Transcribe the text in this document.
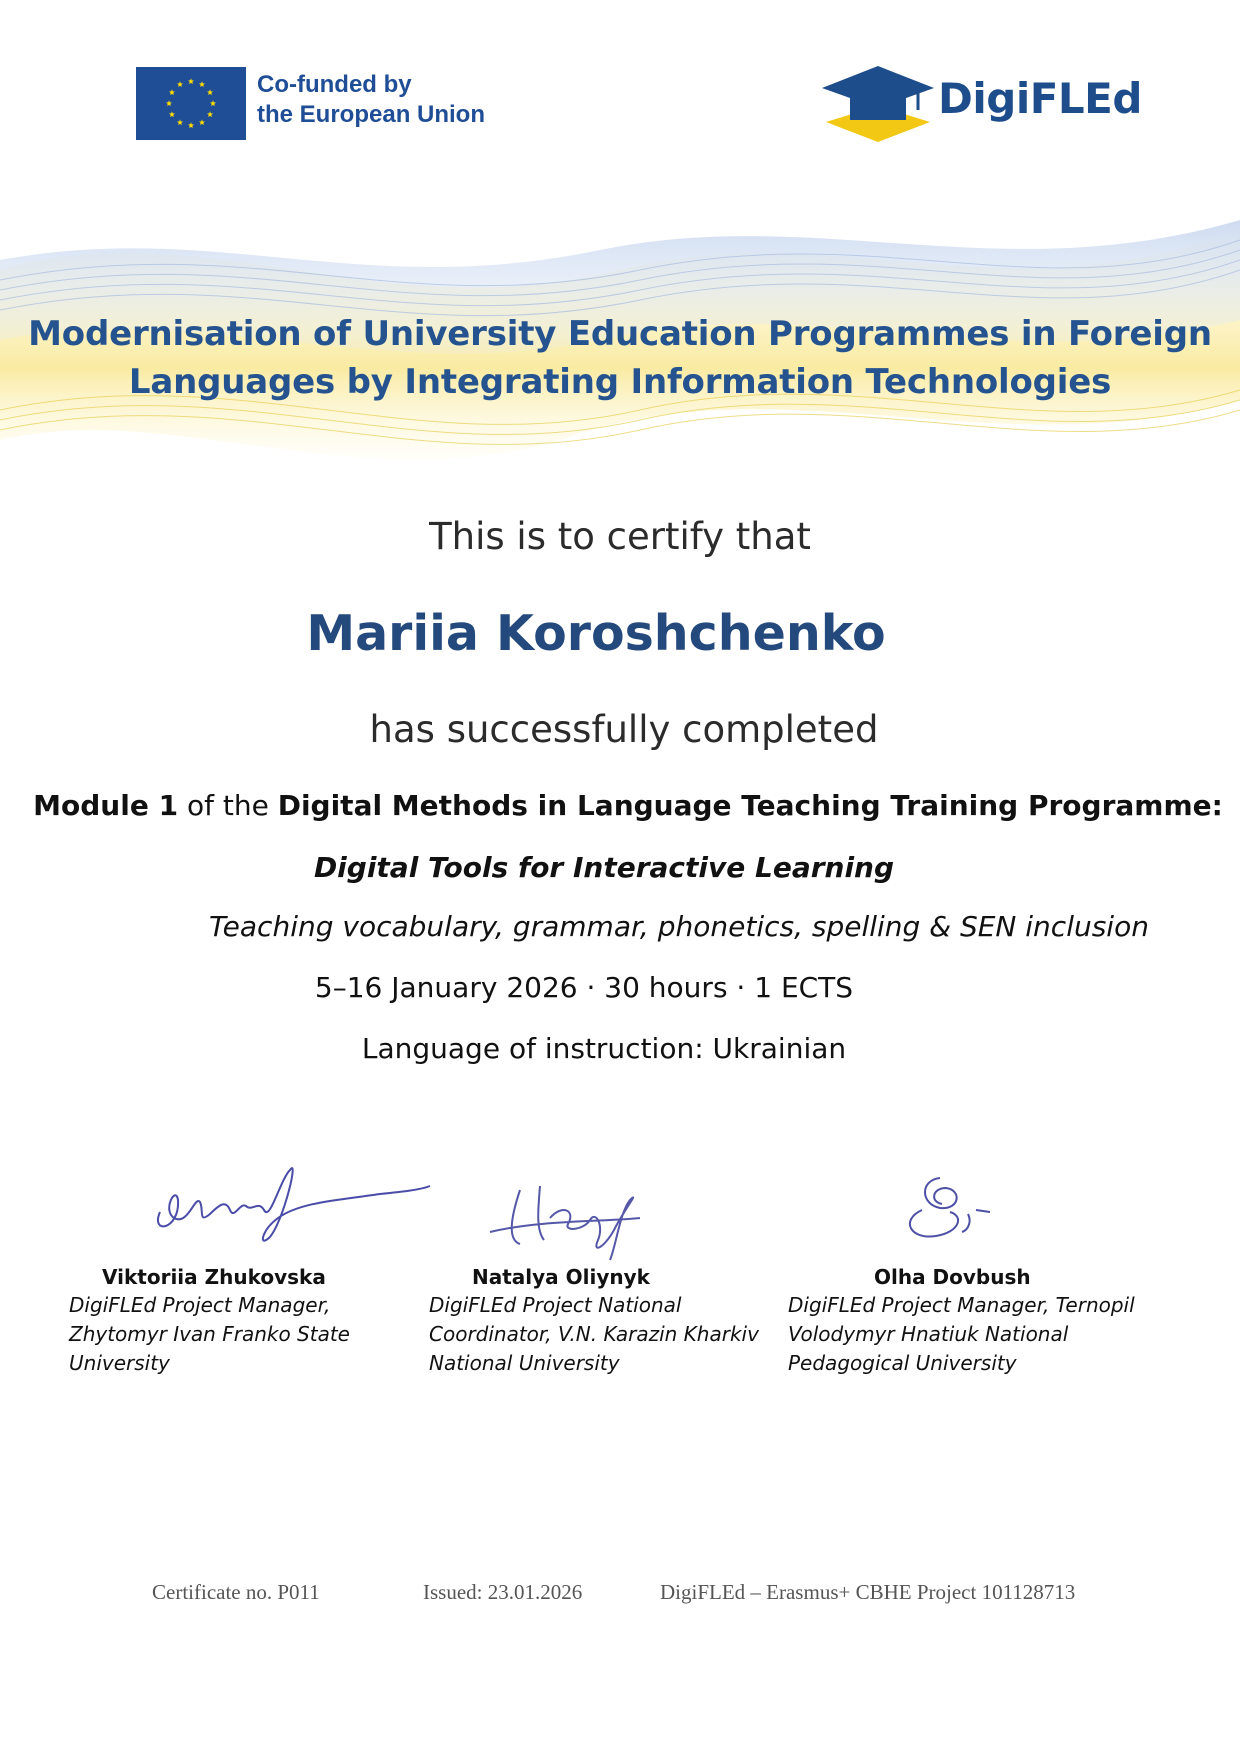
Co-funded by
the European Union	DigiFLEd
Modernisation of University Education Programmes in Foreign
Languages by Integrating Information Technologies
This is to certify that
Mariia Koroshchenko
has successfully completed
Module 1 of the Digital Methods in Language Teaching Training Programme:
Digital Tools for Interactive Learning
Teaching vocabulary, grammar, phonetics, spelling & SEN inclusion
5–16 January 2026 · 30 hours · 1 ECTS
Language of instruction: Ukrainian
Viktoriia Zhukovska
DigiFLEd Project Manager,
Zhytomyr Ivan Franko State
University
Natalya Oliynyk
DigiFLEd Project National
Coordinator, V.N. Karazin Kharkiv
National University
Olha Dovbush
DigiFLEd Project Manager, Ternopil
Volodymyr Hnatiuk National
Pedagogical University
Certificate no. P011	Issued: 23.01.2026	DigiFLEd – Erasmus+ CBHE Project 101128713
